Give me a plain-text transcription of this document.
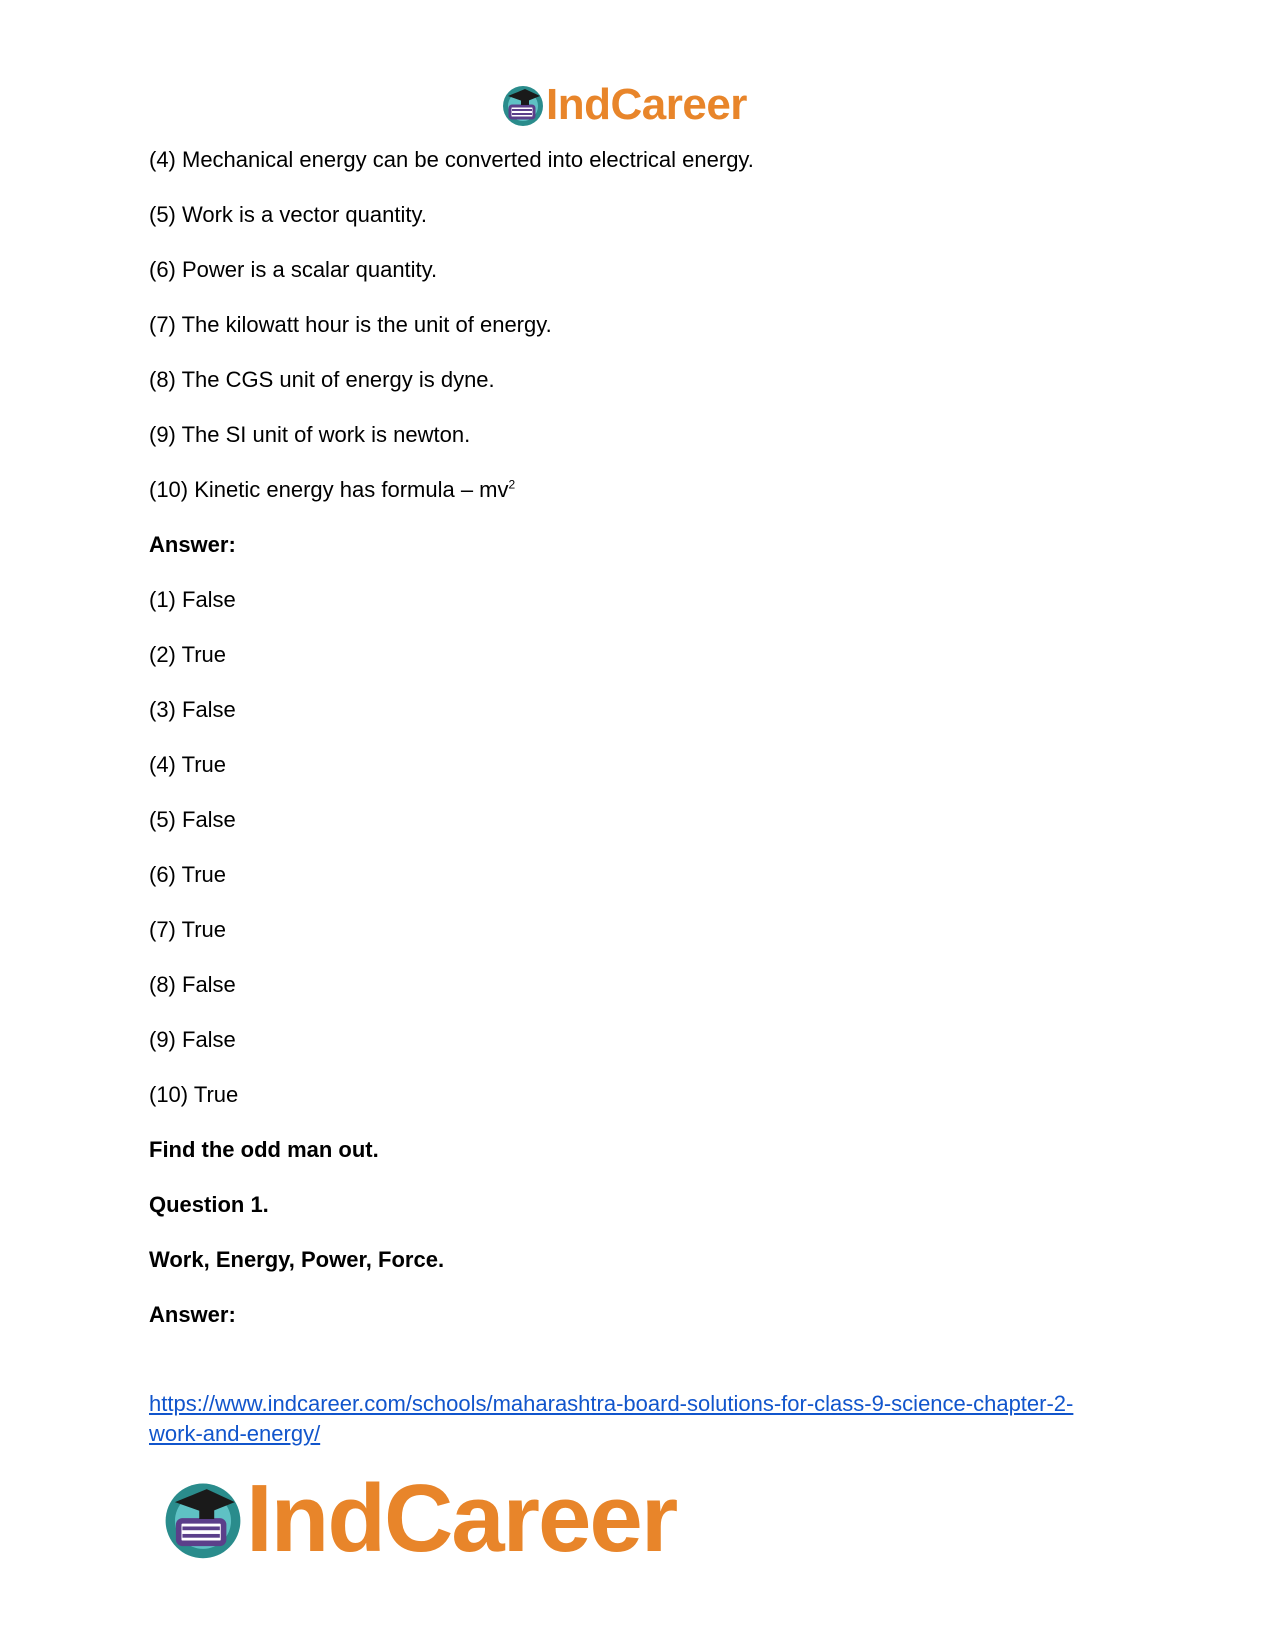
IndCareer
(4) Mechanical energy can be converted into electrical energy.
(5) Work is a vector quantity.
(6) Power is a scalar quantity.
(7) The kilowatt hour is the unit of energy.
(8) The CGS unit of energy is dyne.
(9) The SI unit of work is newton.
(10) Kinetic energy has formula – $mv^2$
Answer:
(1) False
(2) True
(3) False
(4) True
(5) False
(6) True
(7) True
(8) False
(9) False
(10) True
Find the odd man out.
Question 1.
Work, Energy, Power, Force.
Answer:
https://www.indcareer.com/schools/maharashtra-board-solutions-for-class-9-science-chapter-2-
work-and-energy/
IndCareer
